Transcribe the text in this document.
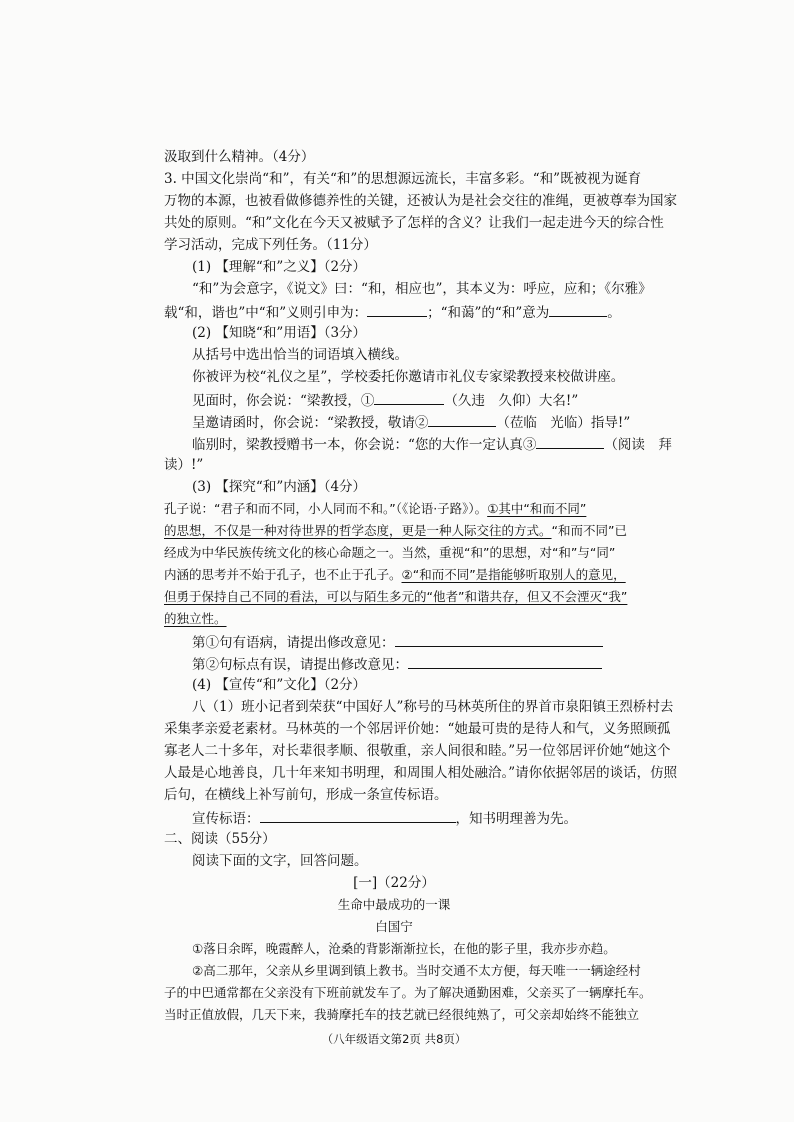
汲取到什么精神。（4分）
3. 中国文化崇尚“和”，有关“和”的思想源远流长，丰富多彩。“和”既被视为诞育
万物的本源，也被看做修德养性的关键，还被认为是社会交往的准绳，更被尊奉为国家
共处的原则。“和”文化在今天又被赋予了怎样的含义？让我们一起走进今天的综合性
学习活动，完成下列任务。（11分）
(1) 【理解“和”之义】（2分）
“和”为会意字，《说文》曰：“和，相应也”，其本义为：呼应，应和；《尔雅》
载“和，谐也”中“和”义则引申为：	；“和蔼”的“和”意为	。
(2) 【知晓“和”用语】（3分）
从括号中选出恰当的词语填入横线。
你被评为校“礼仪之星”，学校委托你邀请市礼仪专家梁教授来校做讲座。
见面时，你会说：“梁教授，①	（久违　久仰）大名!”
呈邀请函时，你会说：“梁教授，敬请②	（莅临　光临）指导!”
临别时，梁教授赠书一本，你会说：“您的大作一定认真③	（阅读　拜
读）!”
(3) 【探究“和”内涵】（4分）
孔子说：“君子和而不同，小人同而不和。”（《论语·子路》）。①其中“和而不同”
的思想，不仅是一种对待世界的哲学态度，更是一种人际交往的方式。“和而不同”已
经成为中华民族传统文化的核心命题之一。当然，重视“和”的思想，对“和”与“同”
内涵的思考并不始于孔子，也不止于孔子。②“和而不同”是指能够听取别人的意见，
但勇于保持自己不同的看法，可以与陌生多元的“他者”和谐共存，但又不会湮灭“我”
的独立性。
第①句有语病，请提出修改意见：
第②句标点有误，请提出修改意见：
(4) 【宣传“和”文化】（2分）
八（1）班小记者到荣获“中国好人”称号的马林英所住的界首市泉阳镇王烈桥村去
采集孝亲爱老素材。马林英的一个邻居评价她：“她最可贵的是待人和气，义务照顾孤
寡老人二十多年，对长辈很孝顺、很敬重，亲人间很和睦。”另一位邻居评价她“她这个
人最是心地善良，几十年来知书明理，和周围人相处融洽。”请你依据邻居的谈话，仿照
后句，在横线上补写前句，形成一条宣传标语。
宣传标语：	，知书明理善为先。
二、阅读（55分）
阅读下面的文字，回答问题。
[一]（22分）
生命中最成功的一课
白国宁
①落日余晖，晚霞醉人，沧桑的背影渐渐拉长，在他的影子里，我亦步亦趋。
②高二那年，父亲从乡里调到镇上教书。当时交通不太方便，每天唯一一辆途经村
子的中巴通常都在父亲没有下班前就发车了。为了解决通勤困难，父亲买了一辆摩托车。
当时正值放假，几天下来，我骑摩托车的技艺就已经很纯熟了，可父亲却始终不能独立
（八年级语文第2页 共8页）
